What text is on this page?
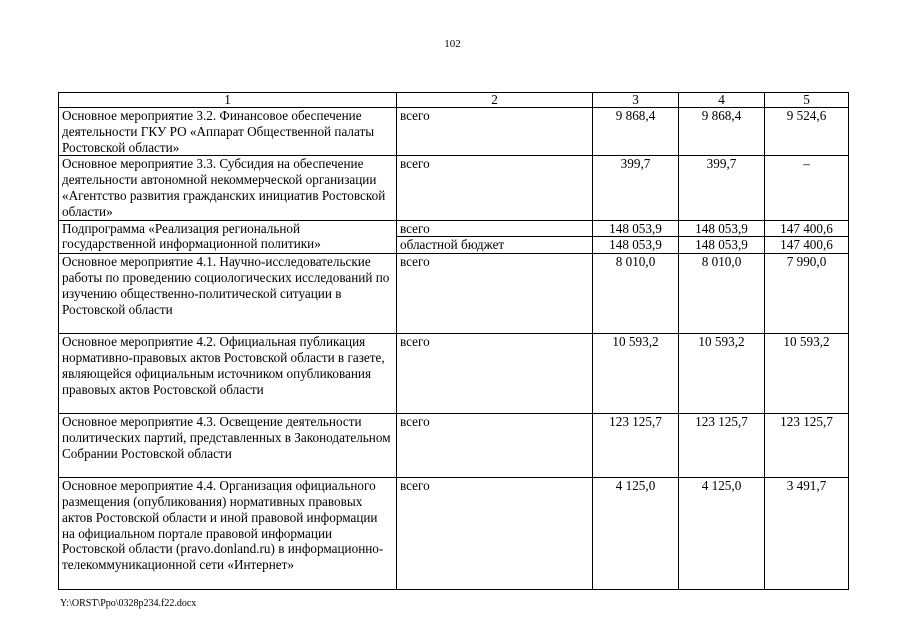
102
1	2	3	4	5
Основное мероприятие 3.2. Финансовое обеспечение деятельности ГКУ РО «Аппарат Общественной палаты Ростовской области»	всего	9 868,4	9 868,4	9 524,6
Основное мероприятие 3.3. Субсидия на обеспечение деятельности автономной некоммерческой организации «Агентство развития гражданских инициатив Ростовской области»	всего	399,7	399,7	–
Подпрограмма «Реализация региональной государственной информационной политики»	всего	148 053,9	148 053,9	147 400,6
	областной бюджет	148 053,9	148 053,9	147 400,6
Основное мероприятие 4.1. Научно-исследовательские работы по проведению социологических исследований по изучению общественно-политической ситуации в Ростовской области	всего	8 010,0	8 010,0	7 990,0
Основное мероприятие 4.2. Официальная публикация нормативно-правовых актов Ростовской области в газете, являющейся официальным источником опубликования правовых актов Ростовской области	всего	10 593,2	10 593,2	10 593,2
Основное мероприятие 4.3. Освещение деятельности политических партий, представленных в Законодательном Собрании Ростовской области	всего	123 125,7	123 125,7	123 125,7
Основное мероприятие 4.4. Организация официального размещения (опубликования) нормативных правовых актов Ростовской области и иной правовой информации на официальном портале правовой информации Ростовской области (pravo.donland.ru) в информационно-телекоммуникационной сети «Интернет»	всего	4 125,0	4 125,0	3 491,7
Y:\ORST\Ppo\0328p234.f22.docx
